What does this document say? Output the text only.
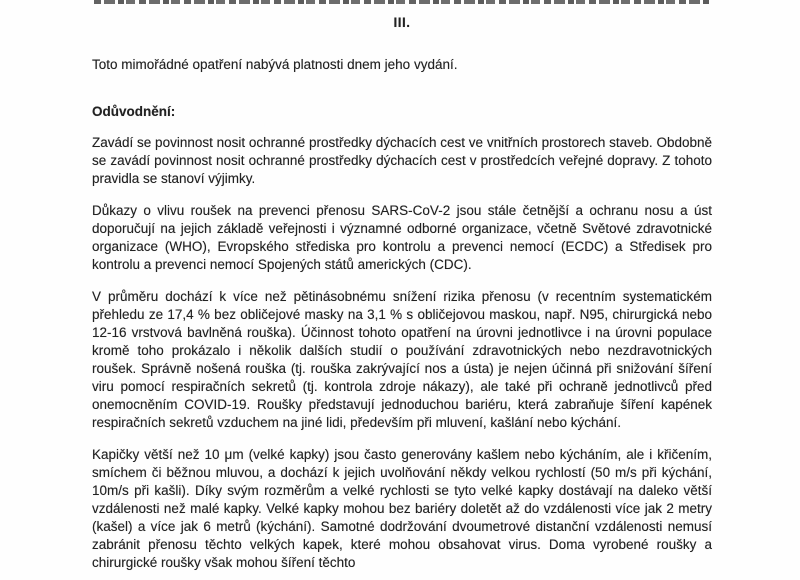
III.

Toto mimořádné opatření nabývá platnosti dnem jeho vydání.

Odůvodnění:

Zavádí se povinnost nosit ochranné prostředky dýchacích cest ve vnitřních prostorech staveb. Obdobně se zavádí povinnost nosit ochranné prostředky dýchacích cest v prostředcích veřejné dopravy. Z tohoto pravidla se stanoví výjimky.

Důkazy o vlivu roušek na prevenci přenosu SARS-CoV-2 jsou stále četnější a ochranu nosu a úst doporučují na jejich základě veřejnosti i významné odborné organizace, včetně Světové zdravotnické organizace (WHO), Evropského střediska pro kontrolu a prevenci nemocí (ECDC) a Středisek pro kontrolu a prevenci nemocí Spojených států amerických (CDC).

V průměru dochází k více než pětinásobnému snížení rizika přenosu (v recentním systematickém přehledu ze 17,4 % bez obličejové masky na 3,1 % s obličejovou maskou, např. N95, chirurgická nebo 12-16 vrstvová bavlněná rouška). Účinnost tohoto opatření na úrovni jednotlivce i na úrovni populace kromě toho prokázalo i několik dalších studií o používání zdravotnických nebo nezdravotnických roušek. Správně nošená rouška (tj. rouška zakrývající nos a ústa) je nejen účinná při snižování šíření viru pomocí respiračních sekretů (tj. kontrola zdroje nákazy), ale také při ochraně jednotlivců před onemocněním COVID-19. Roušky představují jednoduchou bariéru, která zabraňuje šíření kapének respiračních sekretů vzduchem na jiné lidi, především při mluvení, kašlání nebo kýchání.

Kapičky větší než 10 μm (velké kapky) jsou často generovány kašlem nebo kýcháním, ale i křičením, smíchem či běžnou mluvou, a dochází k jejich uvolňování někdy velkou rychlostí (50 m/s při kýchání, 10m/s při kašli). Díky svým rozměrům a velké rychlosti se tyto velké kapky dostávají na daleko větší vzdálenosti než malé kapky. Velké kapky mohou bez bariéry doletět až do vzdálenosti více jak 2 metry (kašel) a více jak 6 metrů (kýchání). Samotné dodržování dvoumetrové distanční vzdálenosti nemusí zabránit přenosu těchto velkých kapek, které mohou obsahovat virus. Doma vyrobené roušky a chirurgické roušky však mohou šíření těchto
